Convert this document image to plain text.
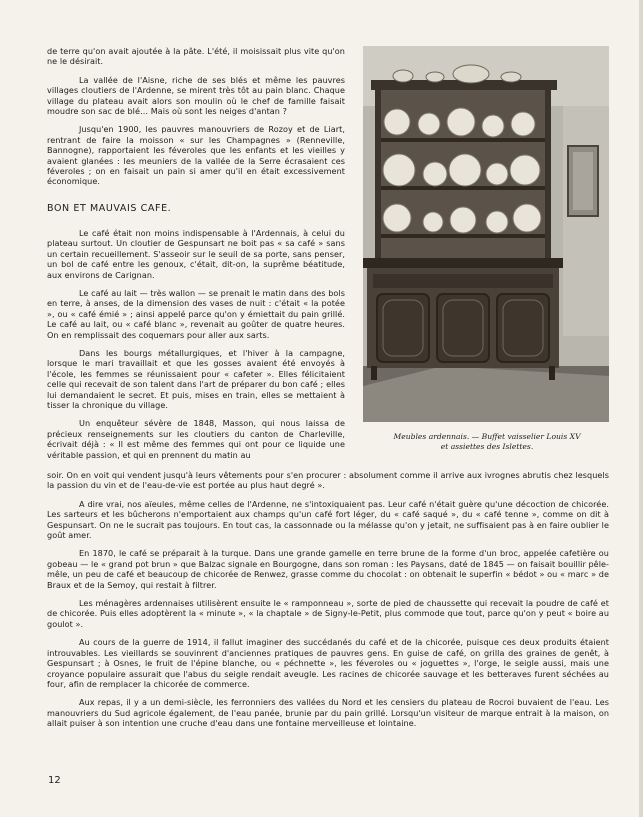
de terre qu'on avait ajoutée à la pâte. L'été, il moisissait plus vite qu'on ne le désirait.

La vallée de l'Aisne, riche de ses blés et même les pauvres villages cloutiers de l'Ardenne, se mirent très tôt au pain blanc. Chaque village du plateau avait alors son moulin où le chef de famille faisait moudre son sac de blé… Mais où sont les neiges d'antan ?

Jusqu'en 1900, les pauvres manouvriers de Rozoy et de Liart, rentrant de faire la moisson « sur les Champagnes » (Renneville, Bannogne), rapportaient les féveroles que les enfants et les vieilles y avaient glanées : les meuniers de la vallée de la Serre écrasaient ces féveroles ; on en faisait un pain si amer qu'il en était excessivement économique.

BON ET MAUVAIS CAFE.

Le café était non moins indispensable à l'Ardennais, à celui du plateau surtout. Un cloutier de Gespunsart ne boit pas « sa café » sans un certain recueillement. S'asseoir sur le seuil de sa porte, sans penser, un bol de café entre les genoux, c'était, dit-on, la suprême béatitude, aux environs de Carignan.

Le café au lait — très wallon — se prenait le matin dans des bols en terre, à anses, de la dimension des vases de nuit : c'était « la potée », ou « café émié » ; ainsi appelé parce qu'on y émiettait du pain grillé. Le café au lait, ou « café blanc », revenait au goûter de quatre heures. On en remplissait des coquemars pour aller aux sarts.

Dans les bourgs métallurgiques, et l'hiver à la campagne, lorsque le mari travaillait et que les gosses avaient été envoyés à l'école, les femmes se réunissaient pour « cafeter ». Elles félicitaient celle qui recevait de son talent dans l'art de préparer du bon café ; elles lui demandaient le secret. Et puis, mises en train, elles se mettaient à tisser la chronique du village.

Un enquêteur sévère de 1848, Masson, qui nous laissa de précieux renseignements sur les cloutiers du canton de Charleville, écrivait déjà : « Il est même des femmes qui ont pour ce liquide une véritable passion, et qui en prennent du matin au

Meubles ardennais. — Buffet vaisselier Louis XV
et assiettes des Islettes.

soir. On en voit qui vendent jusqu'à leurs vêtements pour s'en procurer : absolument comme il arrive aux ivrognes abrutis chez lesquels la passion du vin et de l'eau-de-vie est portée au plus haut degré ».

A dire vrai, nos aïeules, même celles de l'Ardenne, ne s'intoxiquaient pas. Leur café n'était guère qu'une décoction de chicorée. Les sarteurs et les bûcherons n'emportaient aux champs qu'un café fort léger, du « café saqué », du « café tenne », comme on dit à Gespunsart. On ne le sucrait pas toujours. En tout cas, la cassonnade ou la mélasse qu'on y jetait, ne suffisaient pas à en faire oublier le goût amer.

En 1870, le café se préparait à la turque. Dans une grande gamelle en terre brune de la forme d'un broc, appelée cafetière ou gobeau — le « grand pot brun » que Balzac signale en Bourgogne, dans son roman : les Paysans, daté de 1845 — on faisait bouillir pêle-mêle, un peu de café et beaucoup de chicorée de Renwez, grasse comme du chocolat : on obtenait le superfin « bédot » ou « marc » de Braux et de la Semoy, qui restait à filtrer.

Les ménagères ardennaises utilisèrent ensuite le « ramponneau », sorte de pied de chaussette qui recevait la poudre de café et de chicorée. Puis elles adoptèrent la « minute », « la chaptale » de Signy-le-Petit, plus commode que tout, parce qu'on y peut « boire au goulot ».

Au cours de la guerre de 1914, il fallut imaginer des succédanés du café et de la chicorée, puisque ces deux produits étaient introuvables. Les vieillards se souvinrent d'anciennes pratiques de pauvres gens. En guise de café, on grilla des graines de genêt, à Gespunsart ; à Osnes, le fruit de l'épine blanche, ou « péchnette », les féveroles ou « joguettes », l'orge, le seigle aussi, mais une croyance populaire assurait que l'abus du seigle rendait aveugle. Les racines de chicorée sauvage et les betteraves furent séchées au four, afin de remplacer la chicorée de commerce.

Aux repas, il y a un demi-siècle, les ferronniers des vallées du Nord et les censiers du plateau de Rocroi buvaient de l'eau. Les manouvriers du Sud agricole également, de l'eau panée, brunie par du pain grillé. Lorsqu'un visiteur de marque entrait à la maison, on allait puiser à son intention une cruche d'eau dans une fontaine merveilleuse et lointaine.

12
